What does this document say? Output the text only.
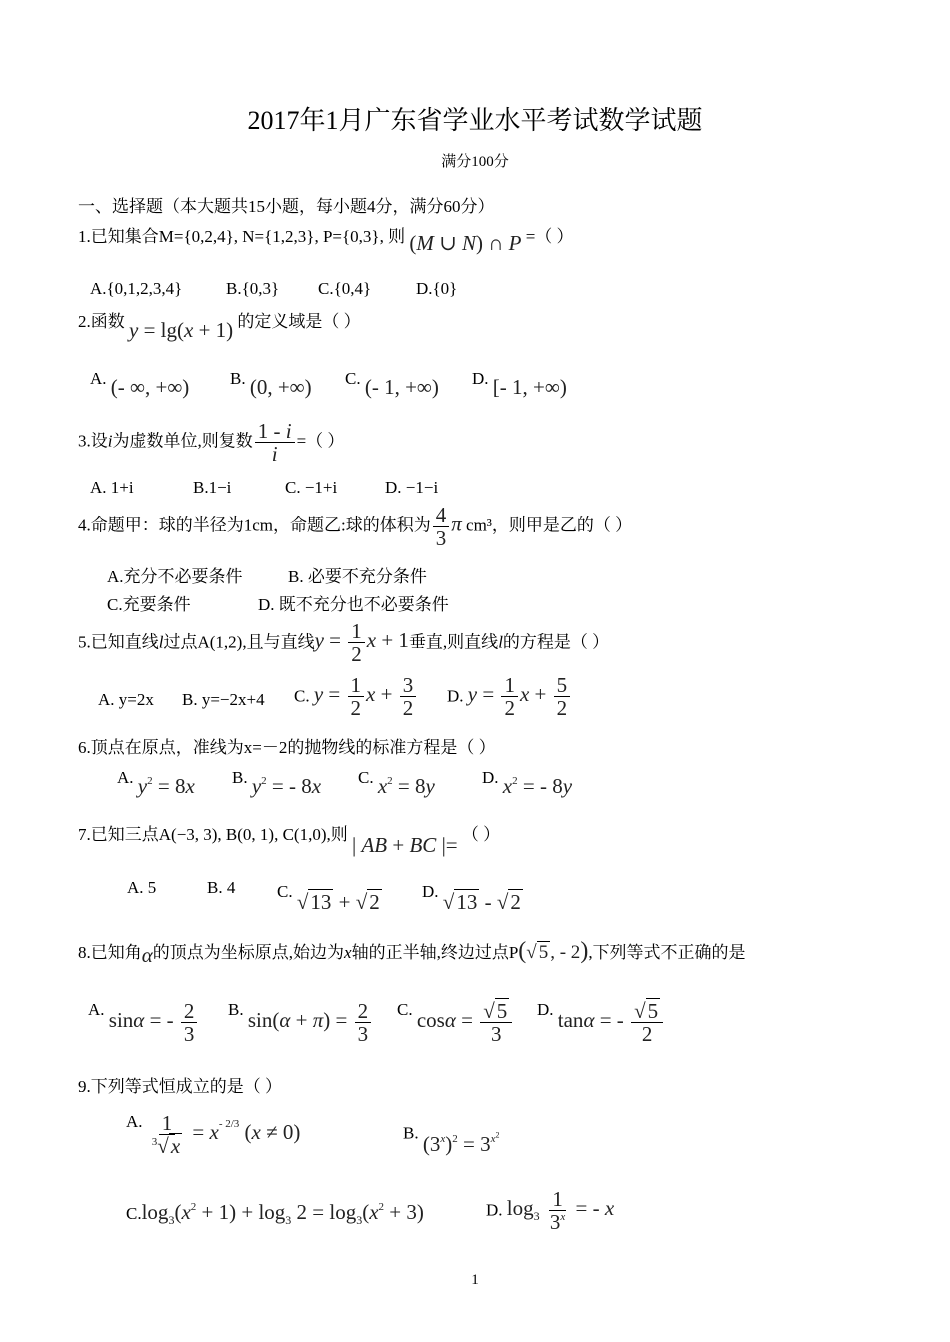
2017年1月广东省学业水平考试数学试题
满分100分
一、选择题（本大题共15小题，每小题4分，满分60分）
1.已知集合M={0,2,4}, N={1,2,3}, P={0,3}, 则 (M ∪ N) ∩ P =（ ）
A.{0,1,2,3,4}	B.{0,3} C.{0,4}	D.{0}
2.函数 y = lg(x + 1) 的定义域是（ ）
A. (- ∞, +∞) B. (0, +∞) C. (- 1, +∞) D. [- 1, +∞)
3.设i为虚数单位,则复数 $\frac{1 - i}{i}$ =（ ）
A. 1+i	B.1−i	C. −1+i	D. −1−i
4.命题甲：球的半径为1cm，命题乙:球的体积为 $\frac{4}{3}$ π cm³，则甲是乙的（ ）
A.充分不必要条件	B. 必要不充分条件
C.充要条件	D. 既不充分也不必要条件
5.已知直线l过点A(1,2),且与直线$y = \frac{1}{2}$ x + 1垂直,则直线l的方程是（ ）
A. y=2x B. y=−2x+4 C. $y = \frac{1}{2}$ $x + \frac{3}{2} D$. $y = \frac{1}{2}$ $x + \frac{5}{2}$
6.顶点在原点，准线为x=－2的抛物线的标准方程是（ ）
A. $y^2 = 8x$ B. $y^2$ = - 8x C. $x^2 = 8y$	D. $x^2$ = - 8y
7.已知三点A(−3, 3), B(0, 1), C(1,0),则 | AB + BC |= （ ）
A. 5	B. 4 C. √13 + √2 D. √13 - √2
8.已知角α的顶点为坐标原点,始边为x轴的正半轴,终边过点P(√ 5 , - 2),下列等式不正确的是
A. sinα = - $\frac{2}{3} B$. $\sin(\alpha + \pi) = \frac{2}{3} C$. $\cos\alpha = \frac{√5}{3} D$. tanα = - $\frac{√5}{2}$
9.下列等式恒成立的是（ ）
A. $\frac{1}{^3√x} = x^{- 2/3}$ (x ≠ 0)	B. $(3^x)^2 = 3^{x^2}$
$C.\log_3(x^2 + 1) + \log_3 2 = \log_3(x^2 + 3)$	D. $\log_3 \frac{1}{3^x}$ = - x
1
